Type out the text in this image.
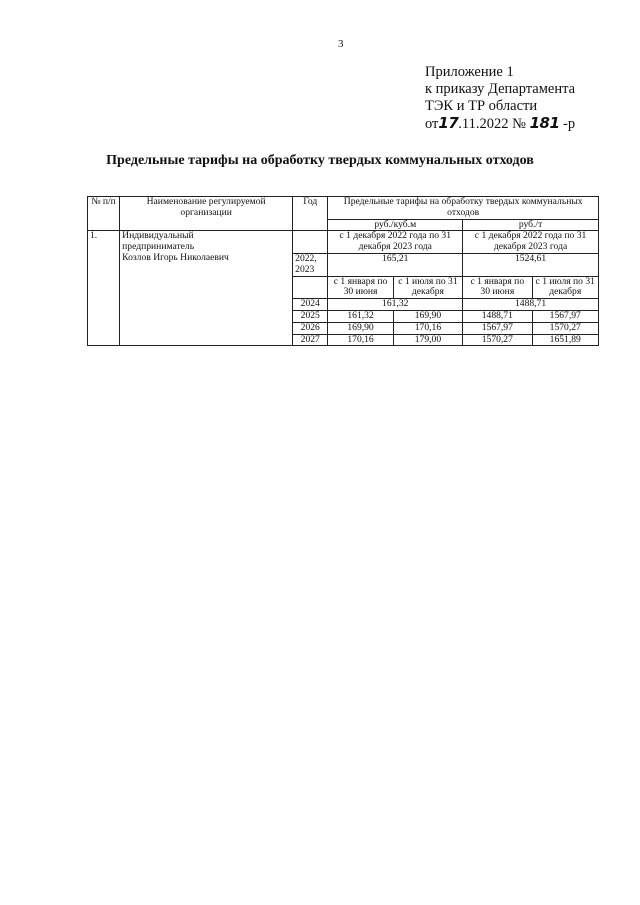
3
Приложение 1
к приказу Департамента
ТЭК и ТР области
от17.11.2022 № 181 -р
Предельные тарифы на обработку твердых коммунальных отходов
№ п/п	Наименование регулируемой организации	Год	Предельные тарифы на обработку твердых коммунальных отходов			
			руб./куб.м		руб./т	
1.	Индивидуальный
предприниматель
Козлов Игорь Николаевич		с 1 декабря 2022 года по 31 декабря 2023 года		с 1 декабря 2022 года по 31 декабря 2023 года	
		2022, 2023	165,21		1524,61	
			с 1 января по 30 июня	с 1 июля по 31 декабря	с 1 января по 30 июня	с 1 июля по 31 декабря
		2024	161,32		1488,71	
		2025	161,32	169,90	1488,71	1567,97
		2026	169,90	170,16	1567,97	1570,27
		2027	170,16	179,00	1570,27	1651,89
